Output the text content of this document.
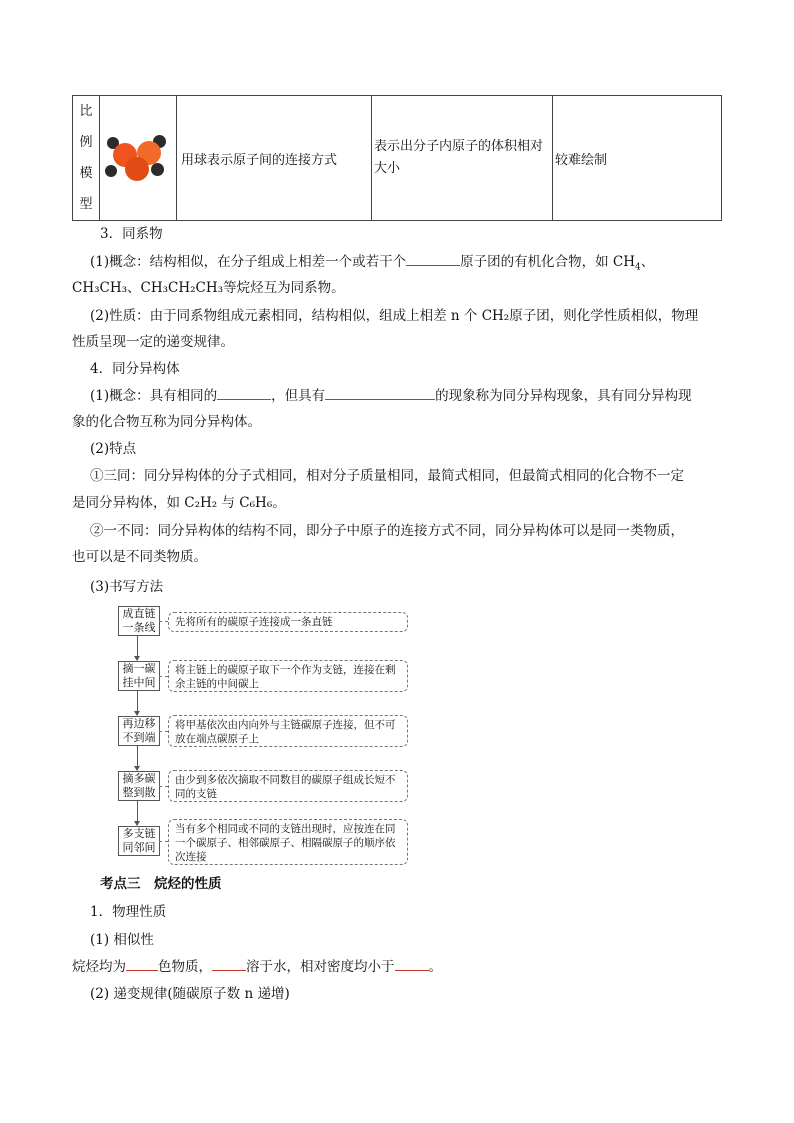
比
例
模
型

	用球表示原子间的连接方式	表示出分子内原子的体积相对大小	较难绘制
3．同系物
(1)概念：结构相似，在分子组成上相差一个或若干个	原子团的有机化合物，如 $CH_4$、
CH₃CH₃、CH₃CH₂CH₃等烷烃互为同系物。
(2)性质：由于同系物组成元素相同，结构相似，组成上相差 n 个 CH₂原子团，则化学性质相似，物理
性质呈现一定的递变规律。
4．同分异构体
(1)概念：具有相同的	，但具有	的现象称为同分异构现象，具有同分异构现
象的化合物互称为同分异构体。
(2)特点
①三同：同分异构体的分子式相同，相对分子质量相同，最简式相同，但最简式相同的化合物不一定
是同分异构体，如 C₂H₂ 与 C₆H₆。
②一不同：同分异构体的结构不同，即分子中原子的连接方式不同，同分异构体可以是同一类物质，
也可以是不同类物质。
(3)书写方法
成直链
一条线	先将所有的碳原子连接成一条直链
摘一碳
挂中间
将主链上的碳原子取下一个作为支链，连接在剩余主链的中间碳上
再边移
不到端
将甲基依次由内向外与主链碳原子连接，但不可放在端点碳原子上
摘多碳
整到散
由少到多依次摘取不同数目的碳原子组成长短不同的支链
多支链
同邻间
当有多个相同或不同的支链出现时，应按连在同一个碳原子、相邻碳原子、相隔碳原子的顺序依次连接
考点三　烷烃的性质
1．物理性质
(1) 相似性
烷烃均为 色物质，	溶于水，相对密度均小于	。
(2) 递变规律(随碳原子数 n 递增)
